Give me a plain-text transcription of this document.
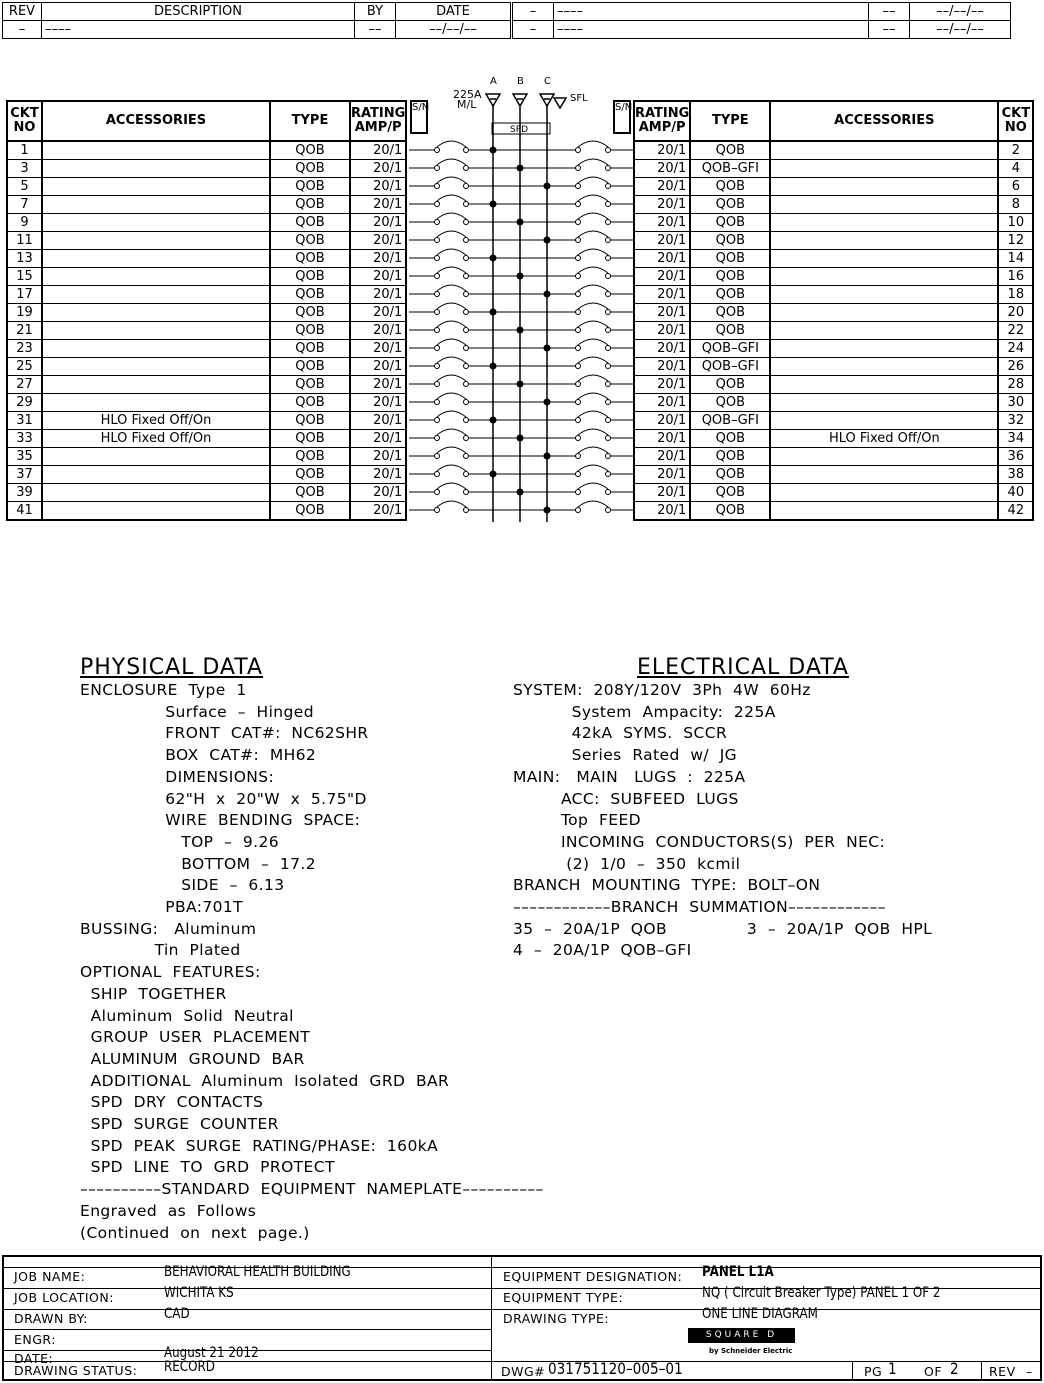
REV	DESCRIPTION	BY	DATE	–	––––	––	––/––/––
–	––––	––	––/––/––	–	––––	––	––/––/––
CKT NO	ACCESSORIES	TYPE	RATING AMP/P
1		QOB	20/1
3		QOB	20/1
5		QOB	20/1
7		QOB	20/1
9		QOB	20/1
11		QOB	20/1
13		QOB	20/1
15		QOB	20/1
17		QOB	20/1
19		QOB	20/1
21		QOB	20/1
23		QOB	20/1
25		QOB	20/1
27		QOB	20/1
29		QOB	20/1
31	HLO Fixed Off/On	QOB	20/1
33	HLO Fixed Off/On	QOB	20/1
35		QOB	20/1
37		QOB	20/1
39		QOB	20/1
41		QOB	20/1
RATING AMP/P	TYPE	ACCESSORIES	CKT NO
20/1	QOB		2
20/1	QOB–GFI		4
20/1	QOB		6
20/1	QOB		8
20/1	QOB		10
20/1	QOB		12
20/1	QOB		14
20/1	QOB		16
20/1	QOB		18
20/1	QOB		20
20/1	QOB		22
20/1	QOB–GFI		24
20/1	QOB–GFI		26
20/1	QOB		28
20/1	QOB		30
20/1	QOB–GFI		32
20/1	QOB	HLO Fixed Off/On	34
20/1	QOB		36
20/1	QOB		38
20/1	QOB		40
20/1	QOB		42
S/N	S/N
225A
M/L
A B C
SFL
SPD
PHYSICAL DATA
ENCLOSURE  Type  1
Surface  –  Hinged
FRONT  CAT#:  NC62SHR
BOX  CAT#:  MH62
DIMENSIONS:
62"H  x  20"W  x  5.75"D
WIRE  BENDING  SPACE:
TOP  –  9.26
BOTTOM  –  17.2
SIDE  –  6.13
PBA:701T
BUSSING:   Aluminum
Tin  Plated
OPTIONAL  FEATURES:
SHIP  TOGETHER
Aluminum  Solid  Neutral
GROUP  USER  PLACEMENT
ALUMINUM  GROUND  BAR
ADDITIONAL  Aluminum  Isolated  GRD  BAR
SPD  DRY  CONTACTS
SPD  SURGE  COUNTER
SPD  PEAK  SURGE  RATING/PHASE:  160kA
SPD  LINE  TO  GRD  PROTECT
––––––––––STANDARD  EQUIPMENT  NAMEPLATE––––––––––
Engraved  as  Follows
(Continued  on  next  page.)
ELECTRICAL DATA
SYSTEM:  208Y/120V  3Ph  4W  60Hz
System  Ampacity:  225A
42kA  SYMS.  SCCR
Series  Rated  w/  JG
MAIN:   MAIN   LUGS  :  225A
ACC:  SUBFEED  LUGS
Top  FEED
INCOMING  CONDUCTORS(S)  PER  NEC:
(2)  1/0  –  350  kcmil
BRANCH  MOUNTING  TYPE:  BOLT–ON
––––––––––––BRANCH  SUMMATION––––––––––––
35  –  20A/1P  QOB               3  –  20A/1P  QOB  HPL
4  –  20A/1P  QOB–GFI
JOB NAME:	BEHAVIORAL HEALTH BUILDING
JOB LOCATION:	WICHITA KS
DRAWN BY:	CAD
ENGR:
DATE:	August 21 2012
DRAWING STATUS: RECORD
EQUIPMENT DESIGNATION: PANEL L1A
EQUIPMENT TYPE:	NQ ( Circuit Breaker Type) PANEL 1 OF 2
DRAWING TYPE:	ONE LINE DIAGRAM
SQUARE D
by Schneider Electric
DWG# 031751120–005–01	PG 1 OF 2 REV –
